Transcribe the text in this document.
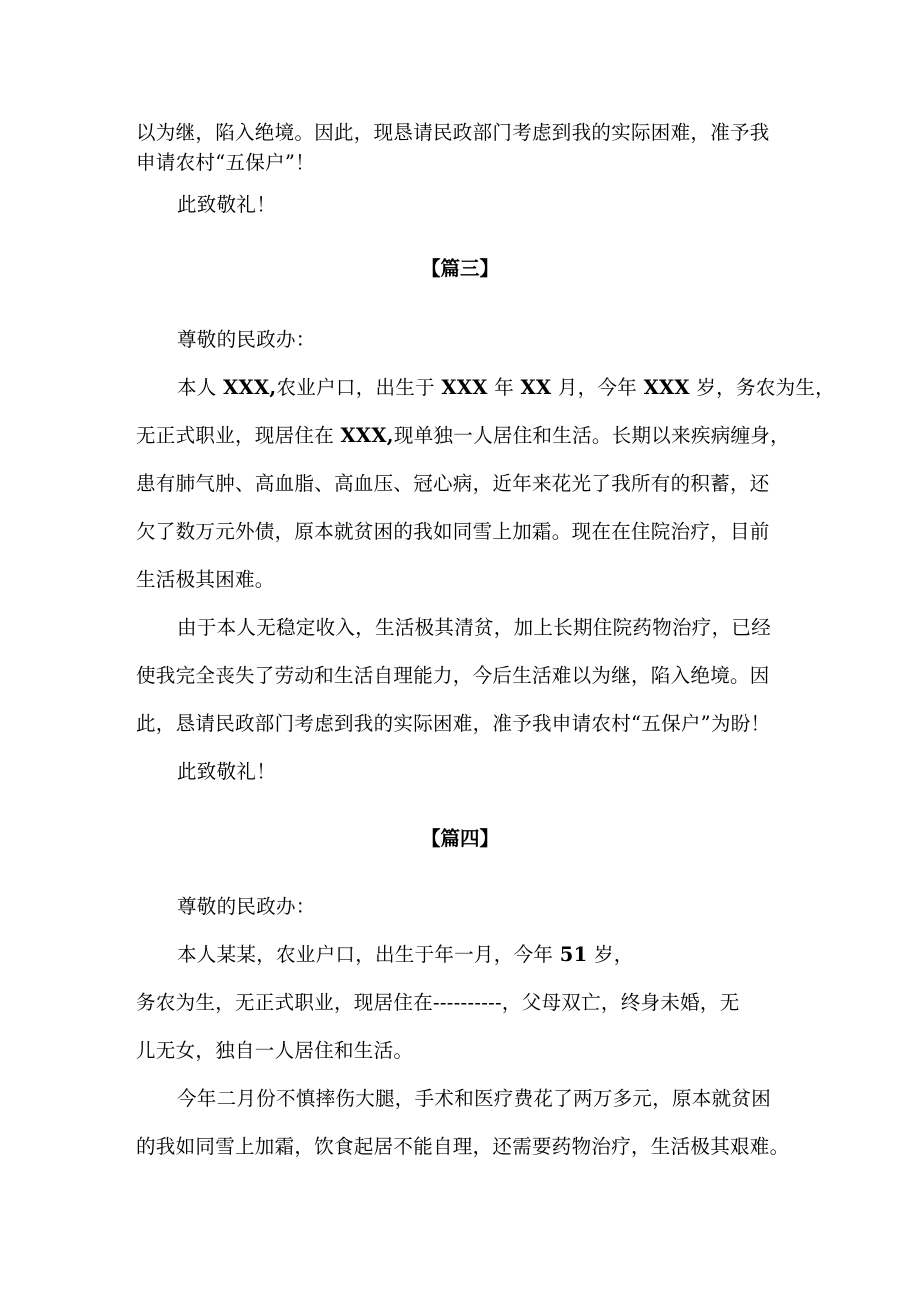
以为继，陷入绝境。因此，现恳请民政部门考虑到我的实际困难，准予我
申请农村“五保户”！
此致敬礼！
【篇三】
尊敬的民政办：
本人 XXX,农业户口，出生于 XXX 年 XX 月，今年 XXX 岁，务农为生，
无正式职业，现居住在 XXX,现单独一人居住和生活。长期以来疾病缠身，
患有肺气肿、高血脂、高血压、冠心病，近年来花光了我所有的积蓄，还
欠了数万元外债，原本就贫困的我如同雪上加霜。现在在住院治疗，目前
生活极其困难。
由于本人无稳定收入，生活极其清贫，加上长期住院药物治疗，已经
使我完全丧失了劳动和生活自理能力，今后生活难以为继，陷入绝境。因
此，恳请民政部门考虑到我的实际困难，准予我申请农村“五保户”为盼！
此致敬礼！
【篇四】
尊敬的民政办：
本人某某，农业户口，出生于年一月，今年 51 岁，
务农为生，无正式职业，现居住在----------，父母双亡，终身未婚，无
儿无女，独自一人居住和生活。
今年二月份不慎摔伤大腿，手术和医疗费花了两万多元，原本就贫困
的我如同雪上加霜，饮食起居不能自理，还需要药物治疗，生活极其艰难。
